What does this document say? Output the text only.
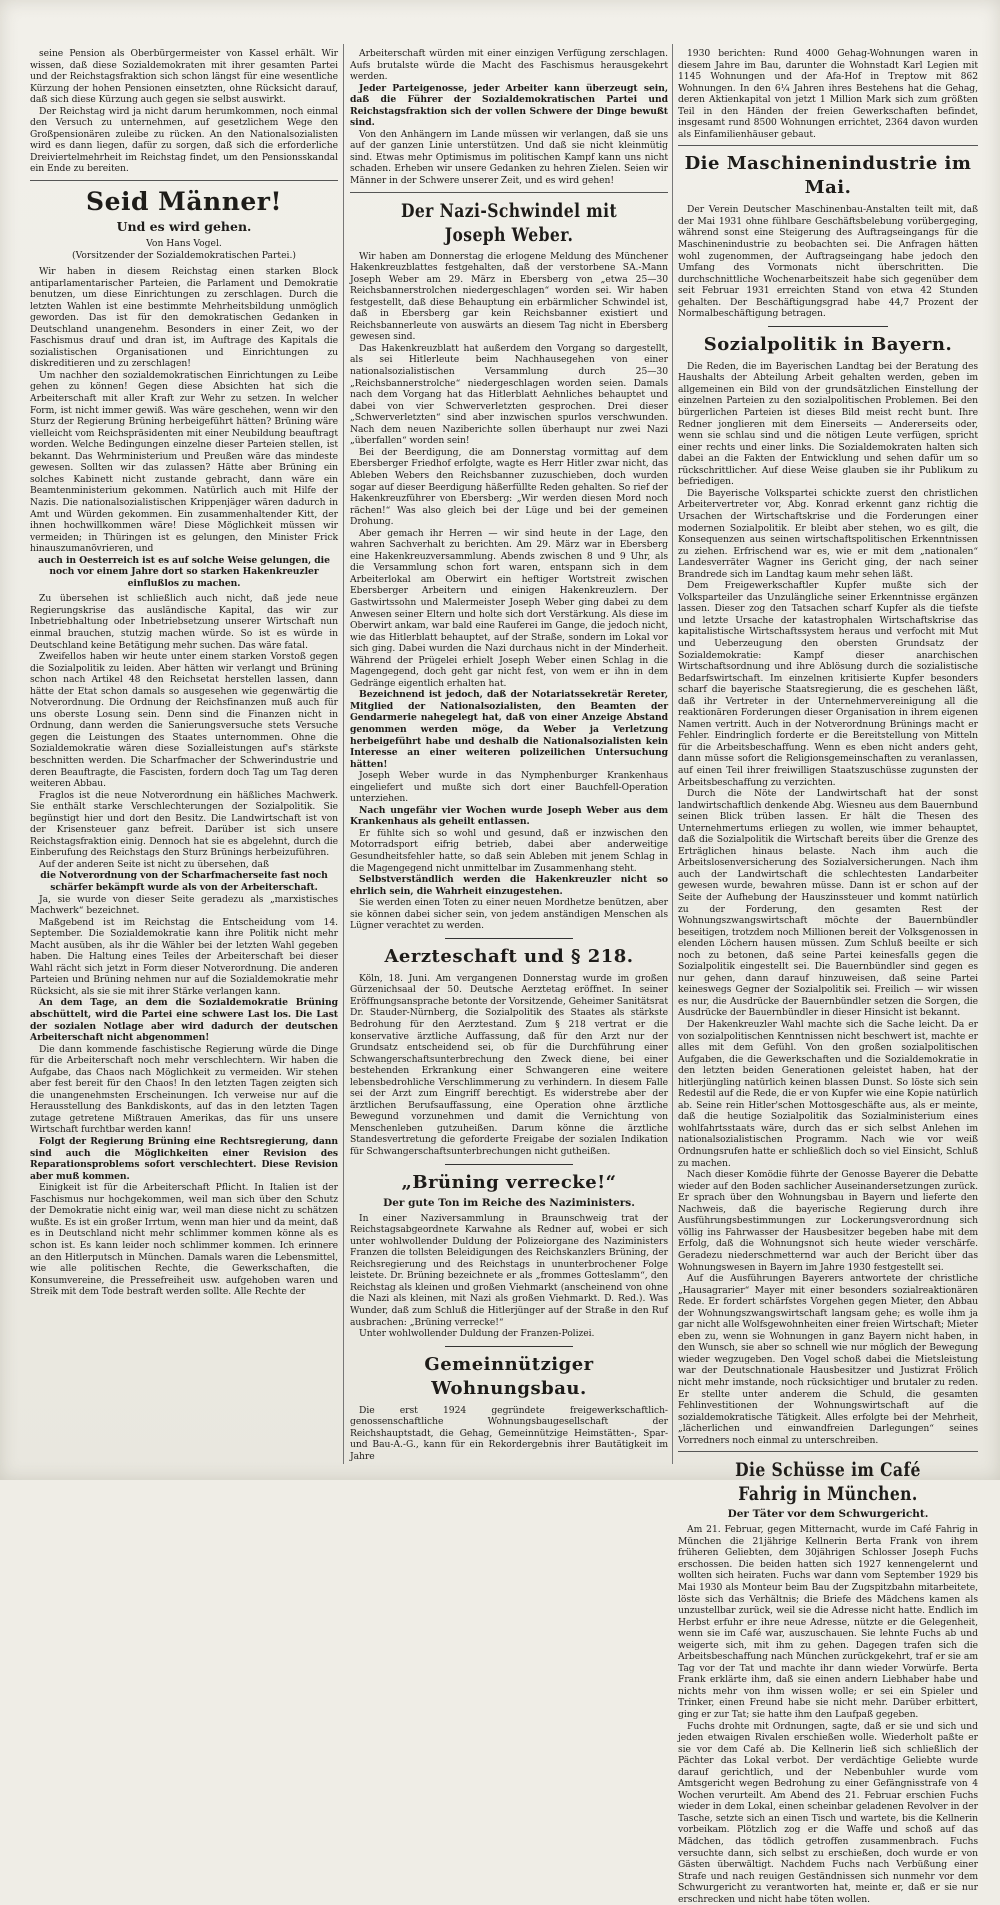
seine Pension als Oberbürgermeister von Kassel erhält. Wir wissen, daß diese Sozialdemokraten mit ihrer gesamten Partei und der Reichstagsfraktion sich schon längst für eine wesentliche Kürzung der hohen Pensionen einsetzten, ohne Rücksicht darauf, daß sich diese Kürzung auch gegen sie selbst auswirkt.

Der Reichstag wird ja nicht darum herumkommen, noch einmal den Versuch zu unternehmen, auf gesetzlichem Wege den Großpensionären zuleibe zu rücken. An den Nationalsozialisten wird es dann liegen, dafür zu sorgen, daß sich die erforderliche Dreiviertelmehrheit im Reichstag findet, um den Pensionsskandal ein Ende zu bereiten.

Seid Männer!
Und es wird gehen.

Von Hans Vogel.

(Vorsitzender der Sozialdemokratischen Partei.)

Wir haben in diesem Reichstag einen starken Block antiparlamentarischer Parteien, die Parlament und Demokratie benutzen, um diese Einrichtungen zu zerschlagen. Durch die letzten Wahlen ist eine bestimmte Mehrheitsbildung unmöglich geworden. Das ist für den demokratischen Gedanken in Deutschland unangenehm. Besonders in einer Zeit, wo der Faschismus drauf und dran ist, im Auftrage des Kapitals die sozialistischen Organisationen und Einrichtungen zu diskreditieren und zu zerschlagen!

Um nachher den sozialdemokratischen Einrichtungen zu Leibe gehen zu können! Gegen diese Absichten hat sich die Arbeiterschaft mit aller Kraft zur Wehr zu setzen. In welcher Form, ist nicht immer gewiß. Was wäre geschehen, wenn wir den Sturz der Regierung Brüning herbeigeführt hätten? Brüning wäre vielleicht vom Reichspräsidenten mit einer Neubildung beauftragt worden. Welche Bedingungen einzelne dieser Parteien stellen, ist bekannt. Das Wehrministerium und Preußen wäre das mindeste gewesen. Sollten wir das zulassen? Hätte aber Brüning ein solches Kabinett nicht zustande gebracht, dann wäre ein Beamtenministerium gekommen. Natürlich auch mit Hilfe der Nazis. Die nationalsozialistischen Krippenjäger wären dadurch in Amt und Würden gekommen. Ein zusammenhaltender Kitt, der ihnen hochwillkommen wäre! Diese Möglichkeit müssen wir vermeiden; in Thüringen ist es gelungen, den Minister Frick hinauszumanövrieren, und

auch in Oesterreich ist es auf solche Weise gelungen, die noch vor einem Jahre dort so starken Hakenkreuzler einflußlos zu machen.

Zu übersehen ist schließlich auch nicht, daß jede neue Regierungskrise das ausländische Kapital, das wir zur Inbetriebhaltung oder Inbetriebsetzung unserer Wirtschaft nun einmal brauchen, stutzig machen würde. So ist es würde in Deutschland keine Betätigung mehr suchen. Das wäre fatal.

Zweifellos haben wir heute unter einem starken Vorstoß gegen die Sozialpolitik zu leiden. Aber hätten wir verlangt und Brüning schon nach Artikel 48 den Reichsetat herstellen lassen, dann hätte der Etat schon damals so ausgesehen wie gegenwärtig die Notverordnung. Die Ordnung der Reichsfinanzen muß auch für uns oberste Losung sein. Denn sind die Finanzen nicht in Ordnung, dann werden die Sanierungsversuche stets Versuche gegen die Leistungen des Staates unternommen. Ohne die Sozialdemokratie wären diese Sozialleistungen auf's stärkste beschnitten werden. Die Scharfmacher der Schwerindustrie und deren Beauftragte, die Fascisten, fordern doch Tag um Tag deren weiteren Abbau.

Fraglos ist die neue Notverordnung ein häßliches Machwerk. Sie enthält starke Verschlechterungen der Sozialpolitik. Sie begünstigt hier und dort den Besitz. Die Landwirtschaft ist von der Krisensteuer ganz befreit. Darüber ist sich unsere Reichstagsfraktion einig. Dennoch hat sie es abgelehnt, durch die Einberufung des Reichstags den Sturz Brünings herbeizuführen.

Auf der anderen Seite ist nicht zu übersehen, daß

die Notverordnung von der Scharfmacherseite fast noch schärfer bekämpft wurde als von der Arbeiterschaft.

Ja, sie wurde von dieser Seite geradezu als „marxistisches Machwerk“ bezeichnet.

Maßgebend ist im Reichstag die Entscheidung vom 14. September. Die Sozialdemokratie kann ihre Politik nicht mehr Macht ausüben, als ihr die Wähler bei der letzten Wahl gegeben haben. Die Haltung eines Teiles der Arbeiterschaft bei dieser Wahl rächt sich jetzt in Form dieser Notverordnung. Die anderen Parteien und Brüning nehmen nur auf die Sozialdemokratie mehr Rücksicht, als sie sie mit ihrer Stärke verlangen kann.

An dem Tage, an dem die Sozialdemokratie Brüning abschüttelt, wird die Partei eine schwere Last los. Die Last der sozialen Notlage aber wird dadurch der deutschen Arbeiterschaft nicht abgenommen!

Die dann kommende faschistische Regierung würde die Dinge für die Arbeiterschaft noch mehr verschlechtern. Wir haben die Aufgabe, das Chaos nach Möglichkeit zu vermeiden. Wir stehen aber fest bereit für den Chaos! In den letzten Tagen zeigten sich die unangenehmsten Erscheinungen. Ich verweise nur auf die Herausstellung des Bankdiskonts, auf das in den letzten Tagen zutage getretene Mißtrauen Amerikas, das für uns unsere Wirtschaft furchtbar werden kann!

Folgt der Regierung Brüning eine Rechtsregierung, dann sind auch die Möglichkeiten einer Revision des Reparationsproblems sofort verschlechtert. Diese Revision aber muß kommen.

Einigkeit ist für die Arbeiterschaft Pflicht. In Italien ist der Faschismus nur hochgekommen, weil man sich über den Schutz der Demokratie nicht einig war, weil man diese nicht zu schätzen wußte. Es ist ein großer Irrtum, wenn man hier und da meint, daß es in Deutschland nicht mehr schlimmer kommen könne als es schon ist. Es kann leider noch schlimmer kommen. Ich erinnere an den Hitlerputsch in München. Damals waren die Lebensmittel, wie alle politischen Rechte, die Gewerkschaften, die Konsumvereine, die Pressefreiheit usw. aufgehoben waren und Streik mit dem Tode bestraft werden sollte. Alle Rechte der

Arbeiterschaft würden mit einer einzigen Verfügung zerschlagen. Aufs brutalste würde die Macht des Faschismus herausgekehrt werden.

Jeder Parteigenosse, jeder Arbeiter kann überzeugt sein, daß die Führer der Sozialdemokratischen Partei und Reichstagsfraktion sich der vollen Schwere der Dinge bewußt sind.

Von den Anhängern im Lande müssen wir verlangen, daß sie uns auf der ganzen Linie unterstützen. Und daß sie nicht kleinmütig sind. Etwas mehr Optimismus im politischen Kampf kann uns nicht schaden. Erheben wir unsere Gedanken zu hehren Zielen. Seien wir Männer in der Schwere unserer Zeit, und es wird gehen!

Der Nazi-Schwindel mit Joseph Weber.

Wir haben am Donnerstag die erlogene Meldung des Münchener Hakenkreuzblattes festgehalten, daß der verstorbene SA.-Mann Joseph Weber am 29. März in Ebersberg von „etwa 25—30 Reichsbannerstrolchen niedergeschlagen“ worden sei. Wir haben festgestellt, daß diese Behauptung ein erbärmlicher Schwindel ist, daß in Ebersberg gar kein Reichsbanner existiert und Reichsbannerleute von auswärts an diesem Tag nicht in Ebersberg gewesen sind.

Das Hakenkreuzblatt hat außerdem den Vorgang so dargestellt, als sei Hitlerleute beim Nachhausegehen von einer nationalsozialistischen Versammlung durch 25—30 „Reichsbannerstrolche“ niedergeschlagen worden seien. Damals nach dem Vorgang hat das Hitlerblatt Aehnliches behauptet und dabei von vier Schwerverletzten gesprochen. Drei dieser „Schwerverletzten“ sind aber inzwischen spurlos verschwunden. Nach dem neuen Naziberichte sollen überhaupt nur zwei Nazi „überfallen“ worden sein!

Bei der Beerdigung, die am Donnerstag vormittag auf dem Ebersberger Friedhof erfolgte, wagte es Herr Hitler zwar nicht, das Ableben Webers den Reichsbanner zuzuschieben, doch wurden sogar auf dieser Beerdigung häßerfüllte Reden gehalten. So rief der Hakenkreuzführer von Ebersberg: „Wir werden diesen Mord noch rächen!“ Was also gleich bei der Lüge und bei der gemeinen Drohung.

Aber gemach ihr Herren — wir sind heute in der Lage, den wahren Sachverhalt zu berichten. Am 29. März war in Ebersberg eine Hakenkreuzversammlung. Abends zwischen 8 und 9 Uhr, als die Versammlung schon fort waren, entspann sich in dem Arbeiterlokal am Oberwirt ein heftiger Wortstreit zwischen Ebersberger Arbeitern und einigen Hakenkreuzlern. Der Gastwirtssohn und Malermeister Joseph Weber ging dabei zu dem Anwesen seiner Eltern und holte sich dort Verstärkung. Als diese im Oberwirt ankam, war bald eine Rauferei im Gange, die jedoch nicht, wie das Hitlerblatt behauptet, auf der Straße, sondern im Lokal vor sich ging. Dabei wurden die Nazi durchaus nicht in der Minderheit. Während der Prügelei erhielt Joseph Weber einen Schlag in die Magengegend, doch geht gar nicht fest, von wem er ihn in dem Gedränge eigentlich erhalten hat.

Bezeichnend ist jedoch, daß der Notariatssekretär Rereter, Mitglied der Nationalsozialisten, den Beamten der Gendarmerie nahegelegt hat, daß von einer Anzeige Abstand genommen werden möge, da Weber ja Verletzung herbeigeführt habe und deshalb die Nationalsozialisten kein Interesse an einer weiteren polizeilichen Untersuchung hätten!

Joseph Weber wurde in das Nymphenburger Krankenhaus eingeliefert und mußte sich dort einer Bauchfell-Operation unterziehen.

Nach ungefähr vier Wochen wurde Joseph Weber aus dem Krankenhaus als geheilt entlassen.

Er fühlte sich so wohl und gesund, daß er inzwischen den Motorradsport eifrig betrieb, dabei aber anderweitige Gesundheitsfehler hatte, so daß sein Ableben mit jenem Schlag in die Magengegend nicht unmittelbar im Zusammenhang steht.

Selbstverständlich werden die Hakenkreuzler nicht so ehrlich sein, die Wahrheit einzugestehen.

Sie werden einen Toten zu einer neuen Mordhetze benützen, aber sie können dabei sicher sein, von jedem anständigen Menschen als Lügner verachtet zu werden.

Aerzteschaft und § 218.

Köln, 18. Juni. Am vergangenen Donnerstag wurde im großen Gürzenichsaal der 50. Deutsche Aerztetag eröffnet. In seiner Eröffnungsansprache betonte der Vorsitzende, Geheimer Sanitätsrat Dr. Stauder-Nürnberg, die Sozialpolitik des Staates als stärkste Bedrohung für den Aerztestand. Zum § 218 vertrat er die konservative ärztliche Auffassung, daß für den Arzt nur der Grundsatz entscheidend sei, ob für die Durchführung einer Schwangerschaftsunterbrechung den Zweck diene, bei einer bestehenden Erkrankung einer Schwangeren eine weitere lebensbedrohliche Verschlimmerung zu verhindern. In diesem Falle sei der Arzt zum Eingriff berechtigt. Es widerstrebe aber der ärztlichen Berufsauffassung, eine Operation ohne ärztliche Bewegund vorzunehmen und damit die Vernichtung von Menschenleben gutzuheißen. Darum könne die ärztliche Standesvertretung die geforderte Freigabe der sozialen Indikation für Schwangerschaftsunterbrechungen nicht gutheißen.

„Brüning verrecke!“
Der gute Ton im Reiche des Naziministers.

In einer Naziversammlung in Braunschweig trat der Reichstagsabgeordnete Karwahne als Redner auf, wobei er sich unter wohlwollender Duldung der Polizeiorgane des Naziministers Franzen die tollsten Beleidigungen des Reichskanzlers Brüning, der Reichsregierung und des Reichstags in ununterbrochener Folge leistete. Dr. Brüning bezeichnete er als „frommes Gotteslamm“, den Reichstag als kleinen und großen Viehmarkt (anscheinend von ohne die Nazi als kleinen, mit Nazi als großen Viehmarkt. D. Red.). Was Wunder, daß zum Schluß die Hitlerjünger auf der Straße in den Ruf ausbrachen: „Brüning verrecke!“

Unter wohlwollender Duldung der Franzen-Polizei.

Gemeinnütziger Wohnungsbau.

Die erst 1924 gegründete freigewerkschaftlich-genossenschaftliche Wohnungsbaugesellschaft der Reichshauptstadt, die Gehag, Gemeinnützige Heimstätten-, Spar- und Bau-A.-G., kann für ein Rekordergebnis ihrer Bautätigkeit im Jahre

1930 berichten: Rund 4000 Gehag-Wohnungen waren in diesem Jahre im Bau, darunter die Wohnstadt Karl Legien mit 1145 Wohnungen und der Afa-Hof in Treptow mit 862 Wohnungen. In den 6¼ Jahren ihres Bestehens hat die Gehag, deren Aktienkapital von jetzt 1 Million Mark sich zum größten Teil in den Händen der freien Gewerkschaften befindet, insgesamt rund 8500 Wohnungen errichtet, 2364 davon wurden als Einfamilienhäuser gebaut.

Die Maschinenindustrie im Mai.

Der Verein Deutscher Maschinenbau-Anstalten teilt mit, daß der Mai 1931 ohne fühlbare Geschäftsbelebung vorübergeging, während sonst eine Steigerung des Auftragseingangs für die Maschinenindustrie zu beobachten sei. Die Anfragen hätten wohl zugenommen, der Auftragseingang habe jedoch den Umfang des Vormonats nicht überschritten. Die durchschnittliche Wochenarbeitszeit habe sich gegenüber dem seit Februar 1931 erreichten Stand von etwa 42 Stunden gehalten. Der Beschäftigungsgrad habe 44,7 Prozent der Normalbeschäftigung betragen.

Sozialpolitik in Bayern.

Die Reden, die im Bayerischen Landtag bei der Beratung des Haushalts der Abteilung Arbeit gehalten werden, geben im allgemeinen ein Bild von der grundsätzlichen Einstellung der einzelnen Parteien zu den sozialpolitischen Problemen. Bei den bürgerlichen Parteien ist dieses Bild meist recht bunt. Ihre Redner jonglieren mit dem Einerseits — Andererseits oder, wenn sie schlau sind und die nötigen Leute verfügen, spricht einer rechts und einer links. Die Sozialdemokraten halten sich dabei an die Fakten der Entwicklung und sehen dafür um so rückschrittlicher. Auf diese Weise glauben sie ihr Publikum zu befriedigen.

Die Bayerische Volkspartei schickte zuerst den christlichen Arbeitervertreter vor, Abg. Konrad erkennt ganz richtig die Ursachen der Wirtschaftskrise und die Forderungen einer modernen Sozialpolitik. Er bleibt aber stehen, wo es gilt, die Konsequenzen aus seinen wirtschaftspolitischen Erkenntnissen zu ziehen. Erfrischend war es, wie er mit dem „nationalen“ Landesverräter Wagner ins Gericht ging, der nach seiner Brandrede sich im Landtag kaum mehr sehen läßt.

Dem Freigewerkschaftler Kupfer mußte sich der Volksparteiler das Unzulängliche seiner Erkenntnisse ergänzen lassen. Dieser zog den Tatsachen scharf Kupfer als die tiefste und letzte Ursache der katastrophalen Wirtschaftskrise das kapitalistische Wirtschaftssystem heraus und verfocht mit Mut und Ueberzeugung den obersten Grundsatz der Sozialdemokratie: Kampf dieser anarchischen Wirtschaftsordnung und ihre Ablösung durch die sozialistische Bedarfswirtschaft. Im einzelnen kritisierte Kupfer besonders scharf die bayerische Staatsregierung, die es geschehen läßt, daß ihr Vertreter in der Unternehmervereinigung all die reaktionären Forderungen dieser Organisation in ihrem eigenen Namen vertritt. Auch in der Notverordnung Brünings macht er Fehler. Eindringlich forderte er die Bereitstellung von Mitteln für die Arbeitsbeschaffung. Wenn es eben nicht anders geht, dann müsse sofort die Religionsgemeinschaften zu veranlassen, auf einen Teil ihrer freiwilligen Staatszuschüsse zugunsten der Arbeitsbeschaffung zu verzichten.

Durch die Nöte der Landwirtschaft hat der sonst landwirtschaftlich denkende Abg. Wiesneu aus dem Bauernbund seinen Blick trüben lassen. Er hält die Thesen des Unternehmertums erliegen zu wollen, wie immer behauptet, daß die Sozialpolitik die Wirtschaft bereits über die Grenze des Erträglichen hinaus belaste. Nach ihm auch die Arbeitslosenversicherung des Sozialversicherungen. Nach ihm auch der Landwirtschaft die schlechtesten Landarbeiter gewesen wurde, bewahren müsse. Dann ist er schon auf der Seite der Aufhebung der Hauszinssteuer und kommt natürlich zu der Forderung, den gesamten Rest der Wohnungszwangswirtschaft möchte der Bauernbündler beseitigen, trotzdem noch Millionen bereit der Volksgenossen in elenden Löchern hausen müssen. Zum Schluß beeilte er sich noch zu betonen, daß seine Partei keinesfalls gegen die Sozialpolitik eingestellt sei. Die Bauernbündler sind gegen es nur gehen, dann darauf hinzuweisen, daß seine Partei keineswegs Gegner der Sozialpolitik sei. Freilich — wir wissen es nur, die Ausdrücke der Bauernbündler setzen die Sorgen, die Ausdrücke der Bauernbündler in dieser Hinsicht ist bekannt.

Der Hakenkreuzler Wahl machte sich die Sache leicht. Da er von sozialpolitischen Kenntnissen nicht beschwert ist, machte er alles mit dem Gefühl. Von den großen sozialpolitischen Aufgaben, die die Gewerkschaften und die Sozialdemokratie in den letzten beiden Generationen geleistet haben, hat der hitlerjüngling natürlich keinen blassen Dunst. So löste sich sein Redestil auf die Rede, die er von Kupfer wie eine Kopie natürlich ab. Seine rein Hitler'schen Mottosgeschäfte aus, als er meinte, daß die heutige Sozialpolitik das Sozialministerium eines wohlfahrtsstaats wäre, durch das er sich selbst Anlehen im nationalsozialistischen Programm. Nach wie vor weiß Ordnungsrufen hatte er schließlich doch so viel Einsicht, Schluß zu machen.

Nach dieser Komödie führte der Genosse Bayerer die Debatte wieder auf den Boden sachlicher Auseinandersetzungen zurück. Er sprach über den Wohnungsbau in Bayern und lieferte den Nachweis, daß die bayerische Regierung durch ihre Ausführungsbestimmungen zur Lockerungsverordnung sich völlig ins Fahrwasser der Hausbesitzer begeben habe mit dem Erfolg, daß die Wohnungsnot sich heute wieder verschärfe. Geradezu niederschmetternd war auch der Bericht über das Wohnungswesen in Bayern im Jahre 1930 festgestellt sei.

Auf die Ausführungen Bayerers antwortete der christliche „Hausagrarier“ Mayer mit einer besonders sozialreaktionären Rede. Er fordert schärfstes Vorgehen gegen Mieter, den Abbau der Wohnungszwangswirtschaft langsam gehe; es wolle ihm ja gar nicht alle Wolfsgewohnheiten einer freien Wirtschaft; Mieter eben zu, wenn sie Wohnungen in ganz Bayern nicht haben, in den Wunsch, sie aber so schnell wie nur möglich der Bewegung wieder wegzugeben. Den Vogel schoß dabei die Mietsleistung war der Deutschnationale Hausbesitzer und Justizrat Frölich nicht mehr imstande, noch rücksichtiger und brutaler zu reden. Er stellte unter anderem die Schuld, die gesamten Fehlinvestitionen der Wohnungswirtschaft auf die sozialdemokratische Tätigkeit. Alles erfolgte bei der Mehrheit, „lächerlichen und einwandfreien Darlegungen“ seines Vorredners noch einmal zu unterschreiben.

Die Schüsse im Café Fahrig in München.
Der Täter vor dem Schwurgericht.

Am 21. Februar, gegen Mitternacht, wurde im Café Fahrig in München die 21jährige Kellnerin Berta Frank von ihrem früheren Geliebten, dem 30jährigen Schlosser Joseph Fuchs erschossen. Die beiden hatten sich 1927 kennengelernt und wollten sich heiraten. Fuchs war dann vom September 1929 bis Mai 1930 als Monteur beim Bau der Zugspitzbahn mitarbeitete, löste sich das Verhältnis; die Briefe des Mädchens kamen als unzustellbar zurück, weil sie die Adresse nicht hatte. Endlich im Herbst erfuhr er ihre neue Adresse, nützte er die Gelegenheit, wenn sie im Café war, auszuschauen. Sie lehnte Fuchs ab und weigerte sich, mit ihm zu gehen. Dagegen trafen sich die Arbeitsbeschaffung nach München zurückgekehrt, traf er sie am Tag vor der Tat und machte ihr dann wieder Vorwürfe. Berta Frank erklärte ihm, daß sie einen andern Liebhaber habe und nichts mehr von ihm wissen wolle; er sei ein Spieler und Trinker, einen Freund habe sie nicht mehr. Darüber erbittert, ging er zur Tat; sie hatte ihm den Laufpaß gegeben.

Fuchs drohte mit Ordnungen, sagte, daß er sie und sich und jeden etwaigen Rivalen erschießen wolle. Wiederholt paßte er sie vor dem Café ab. Die Kellnerin ließ sich schließlich der Pächter das Lokal verbot. Der verdächtige Geliebte wurde darauf gerichtlich, und der Nebenbuhler wurde vom Amtsgericht wegen Bedrohung zu einer Gefängnisstrafe von 4 Wochen verurteilt. Am Abend des 21. Februar erschien Fuchs wieder in dem Lokal, einen scheinbar geladenen Revolver in der Tasche, setzte sich an einen Tisch und wartete, bis die Kellnerin vorbeikam. Plötzlich zog er die Waffe und schoß auf das Mädchen, das tödlich getroffen zusammenbrach. Fuchs versuchte dann, sich selbst zu erschießen, doch wurde er von Gästen überwältigt. Nachdem Fuchs nach Verbüßung einer Strafe und nach reuigen Geständnissen sich nunmehr vor dem Schwurgericht zu verantworten hat, meinte er, daß er sie nur erschrecken und nicht habe töten wollen.
